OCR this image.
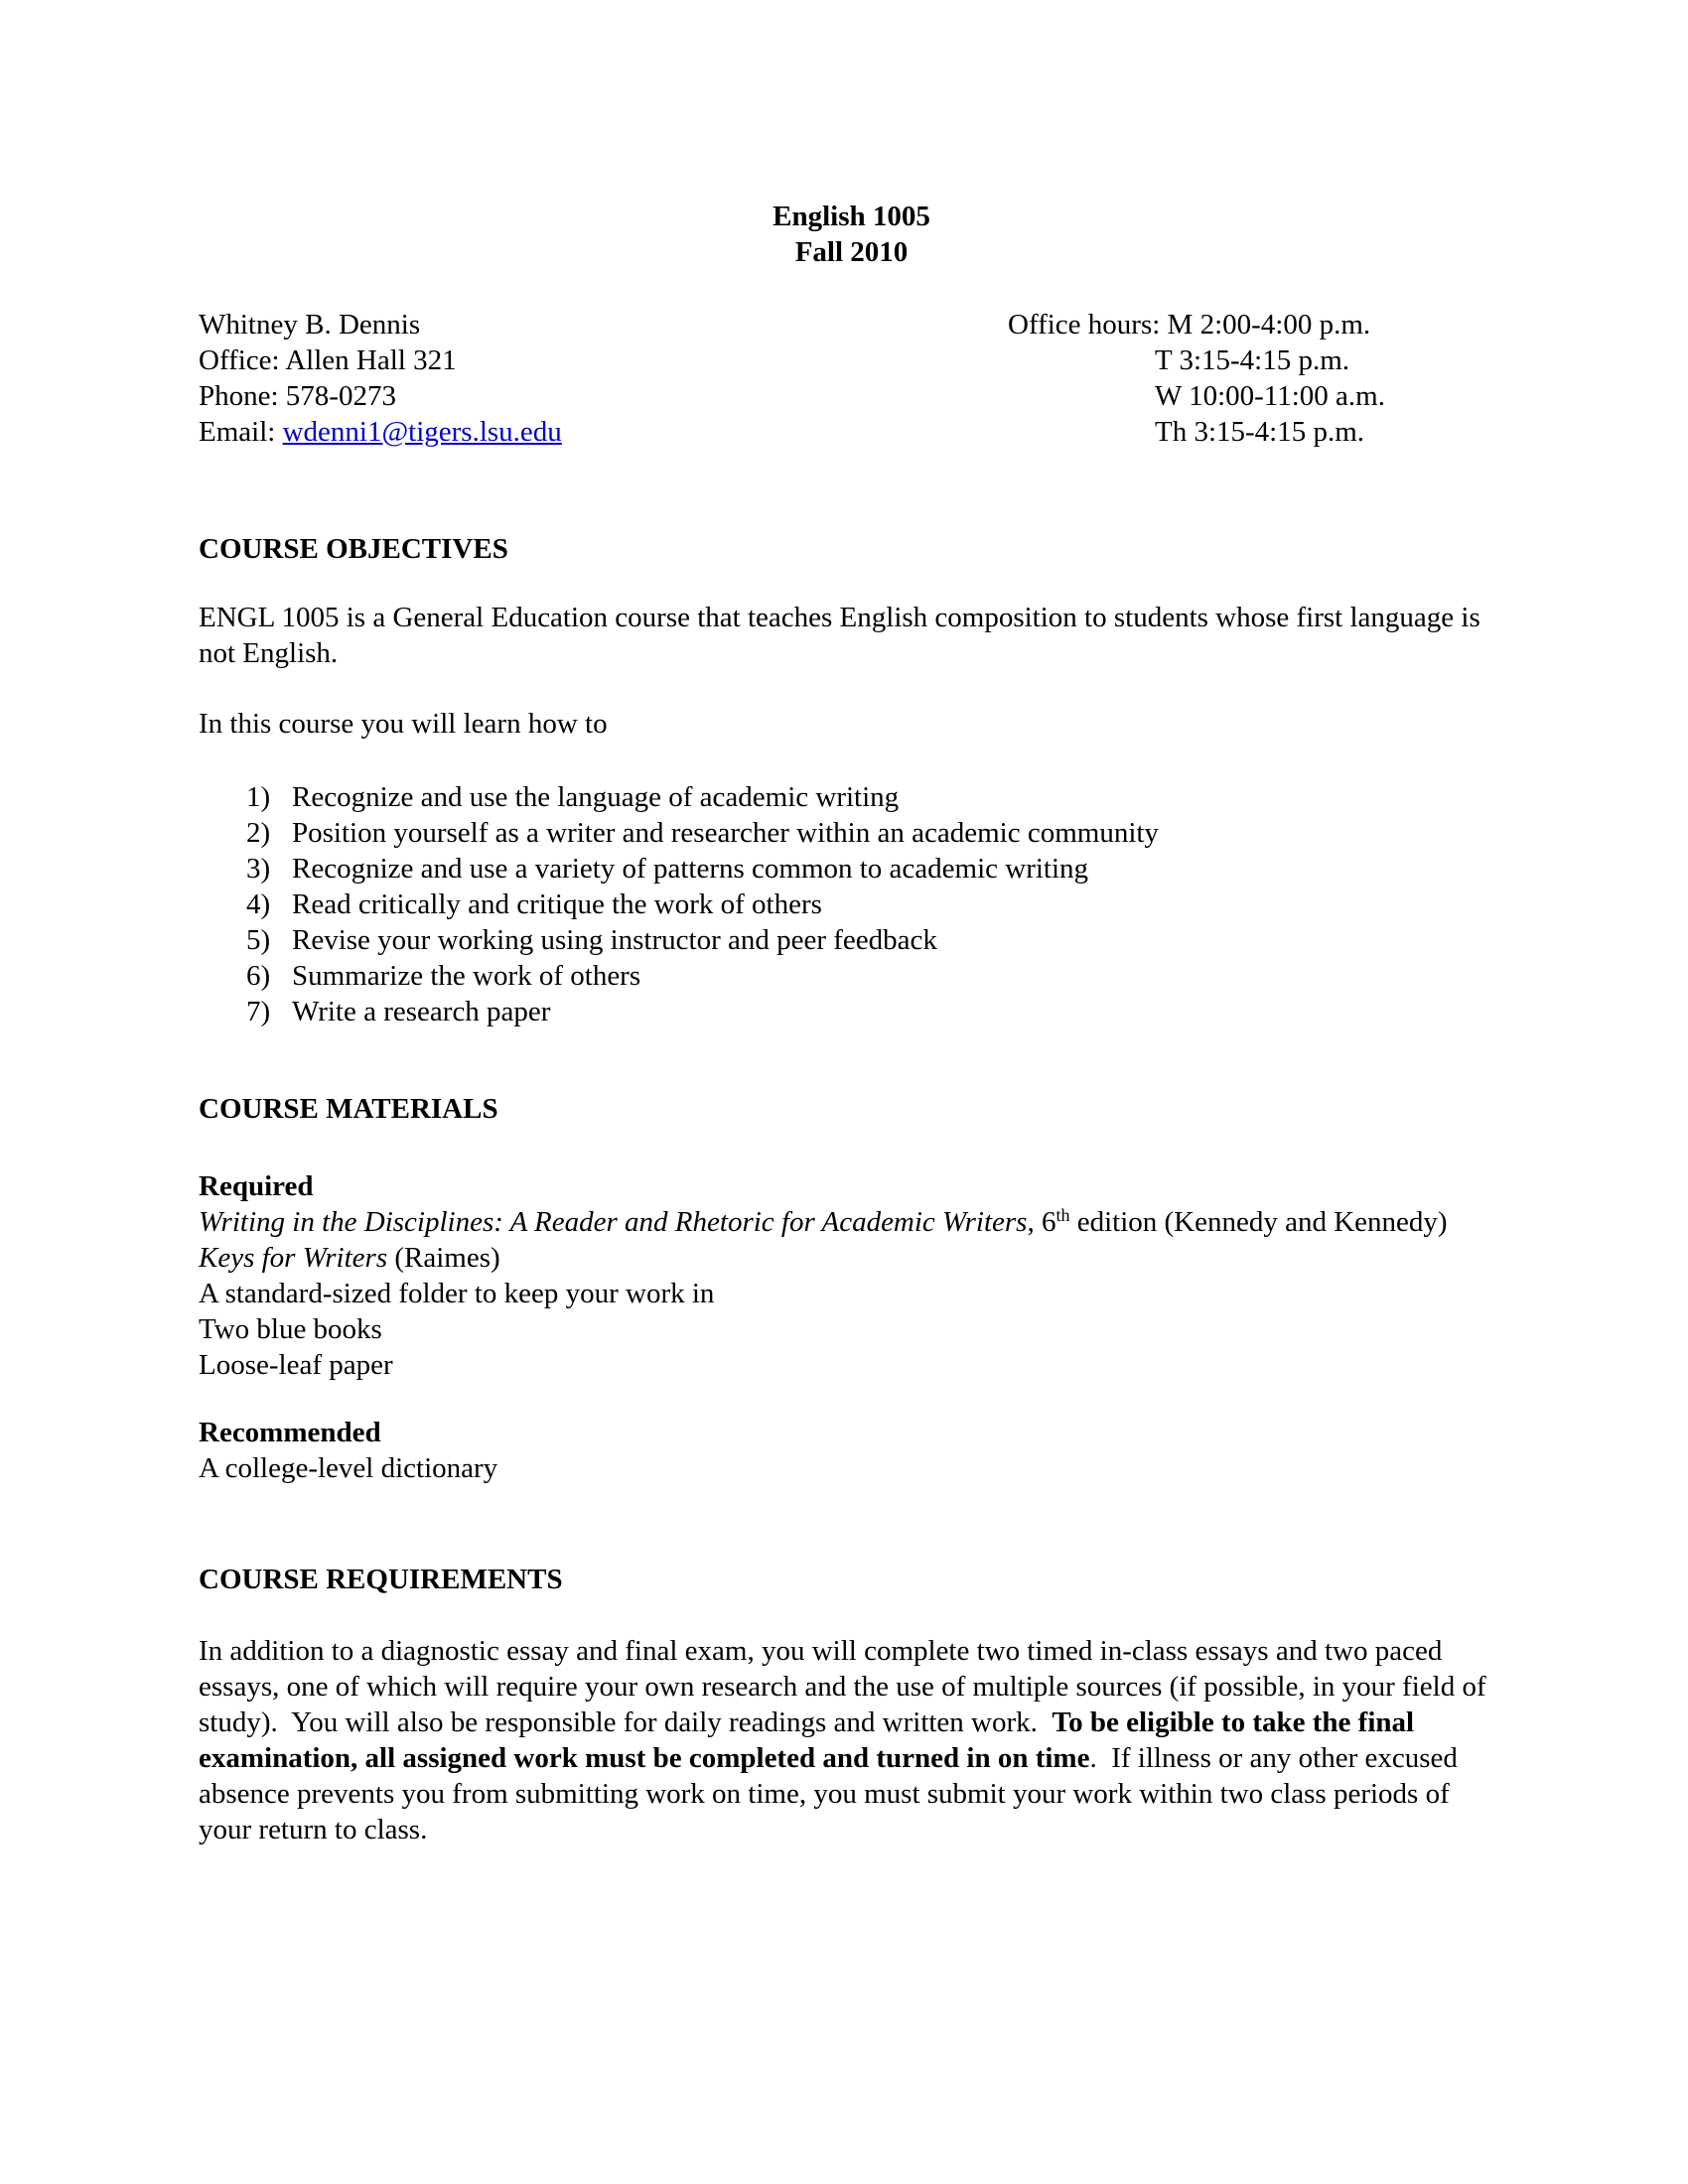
English 1005
Fall 2010
Whitney B. Dennis
Office: Allen Hall 321
Phone: 578-0273
Email: wdenni1@tigers.lsu.edu
Office hours: M 2:00-4:00 p.m.
T 3:15-4:15 p.m.
W 10:00-11:00 a.m.
Th 3:15-4:15 p.m.
COURSE OBJECTIVES

ENGL 1005 is a General Education course that teaches English composition to students whose first language is not English.

In this course you will learn how to

1) Recognize and use the language of academic writing
2) Position yourself as a writer and researcher within an academic community
3) Recognize and use a variety of patterns common to academic writing
4) Read critically and critique the work of others
5) Revise your working using instructor and peer feedback
6) Summarize the work of others
7) Write a research paper
COURSE MATERIALS
Required
Writing in the Disciplines: A Reader and Rhetoric for Academic Writers, 6th edition (Kennedy and Kennedy)
Keys for Writers (Raimes)
A standard-sized folder to keep your work in
Two blue books
Loose-leaf paper
Recommended
A college-level dictionary
COURSE REQUIREMENTS

In addition to a diagnostic essay and final exam, you will complete two timed in-class essays and two paced essays, one of which will require your own research and the use of multiple sources (if possible, in your field of study).  You will also be responsible for daily readings and written work.  To be eligible to take the final examination, all assigned work must be completed and turned in on time.  If illness or any other excused absence prevents you from submitting work on time, you must submit your work within two class periods of your return to class.
